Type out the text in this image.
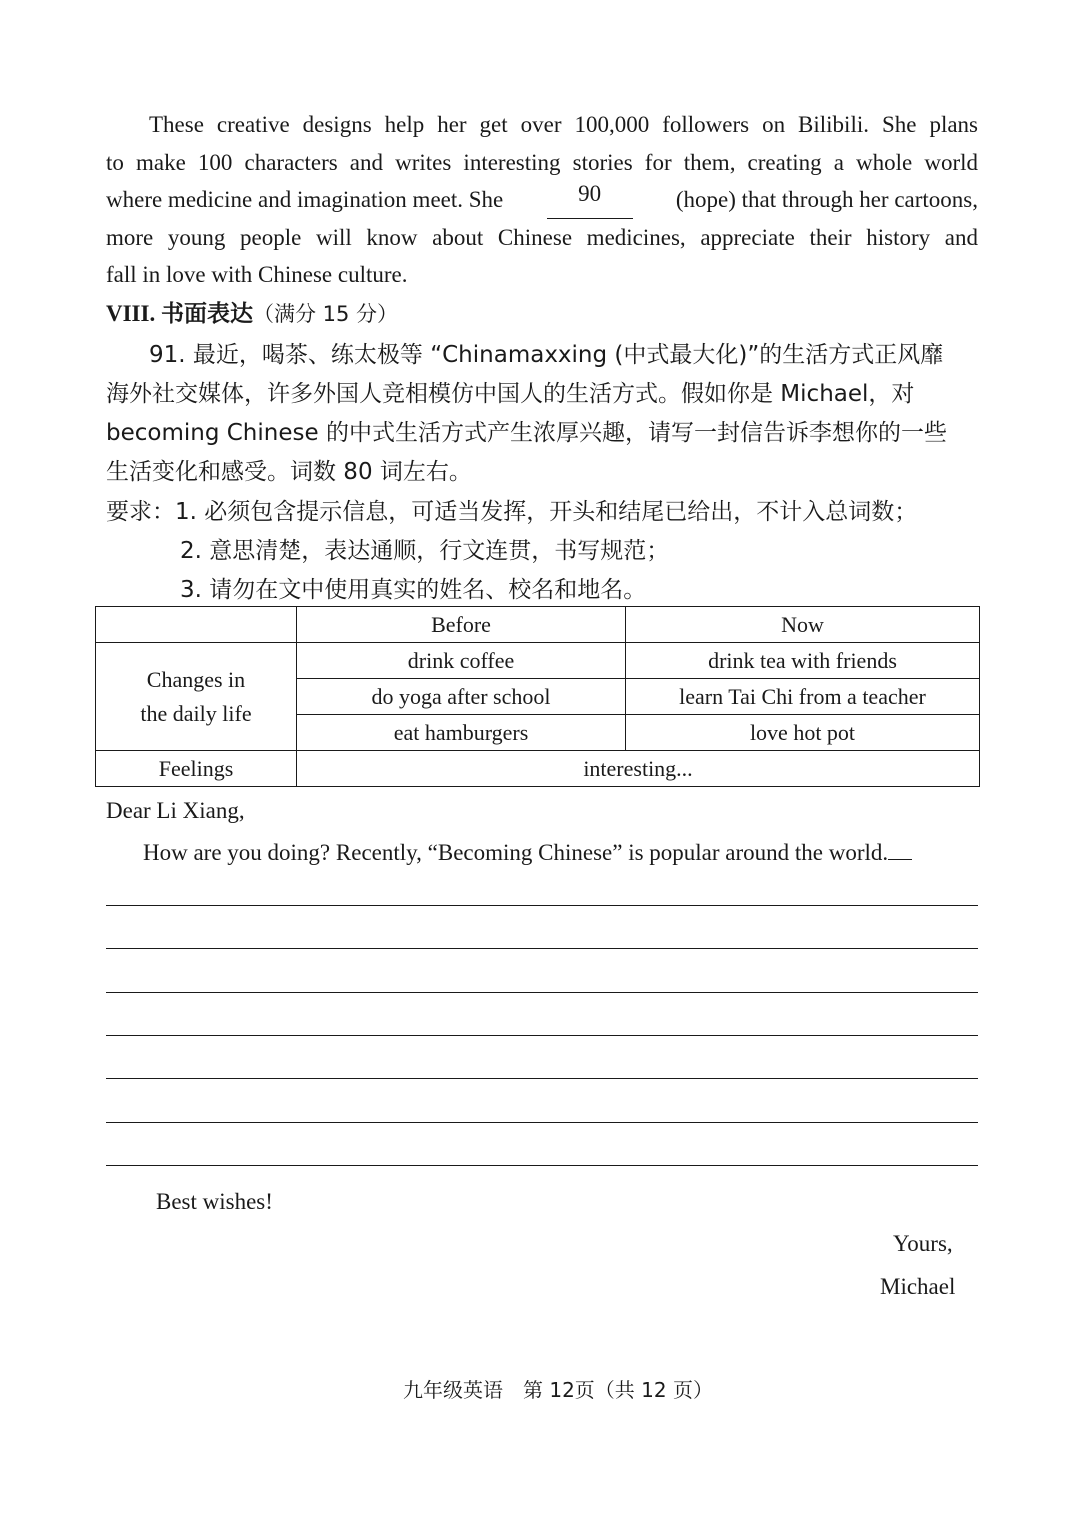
These creative designs help her get over 100,000 followers on Bilibili. She plans
to make 100 characters and writes interesting stories for them, creating a whole world
where medicine and imagination meet. She	90	(hope) that through her cartoons,
more young people will know about Chinese medicines, appreciate their history and
fall in love with Chinese culture.
VIII. 书面表达（满分 15 分）
91. 最近，喝茶、练太极等 “Chinamaxxing (中式最大化)”的生活方式正风靡
海外社交媒体，许多外国人竞相模仿中国人的生活方式。假如你是 Michael，对
becoming Chinese 的中式生活方式产生浓厚兴趣，请写一封信告诉李想你的一些
生活变化和感受。词数 80 词左右。
要求：1. 必须包含提示信息，可适当发挥，开头和结尾已给出，不计入总词数；
2. 意思清楚，表达通顺，行文连贯，书写规范；
3. 请勿在文中使用真实的姓名、校名和地名。
	Before	Now
Changes in
the daily life	drink coffee	drink tea with friends
	do yoga after school	learn Tai Chi from a teacher
	eat hamburgers	love hot pot
Feelings	interesting...	
Dear Li Xiang,
How are you doing? Recently, “Becoming Chinese” is popular around the world.
Best wishes!
Yours,
Michael
九年级英语　第 12页（共 12 页）
